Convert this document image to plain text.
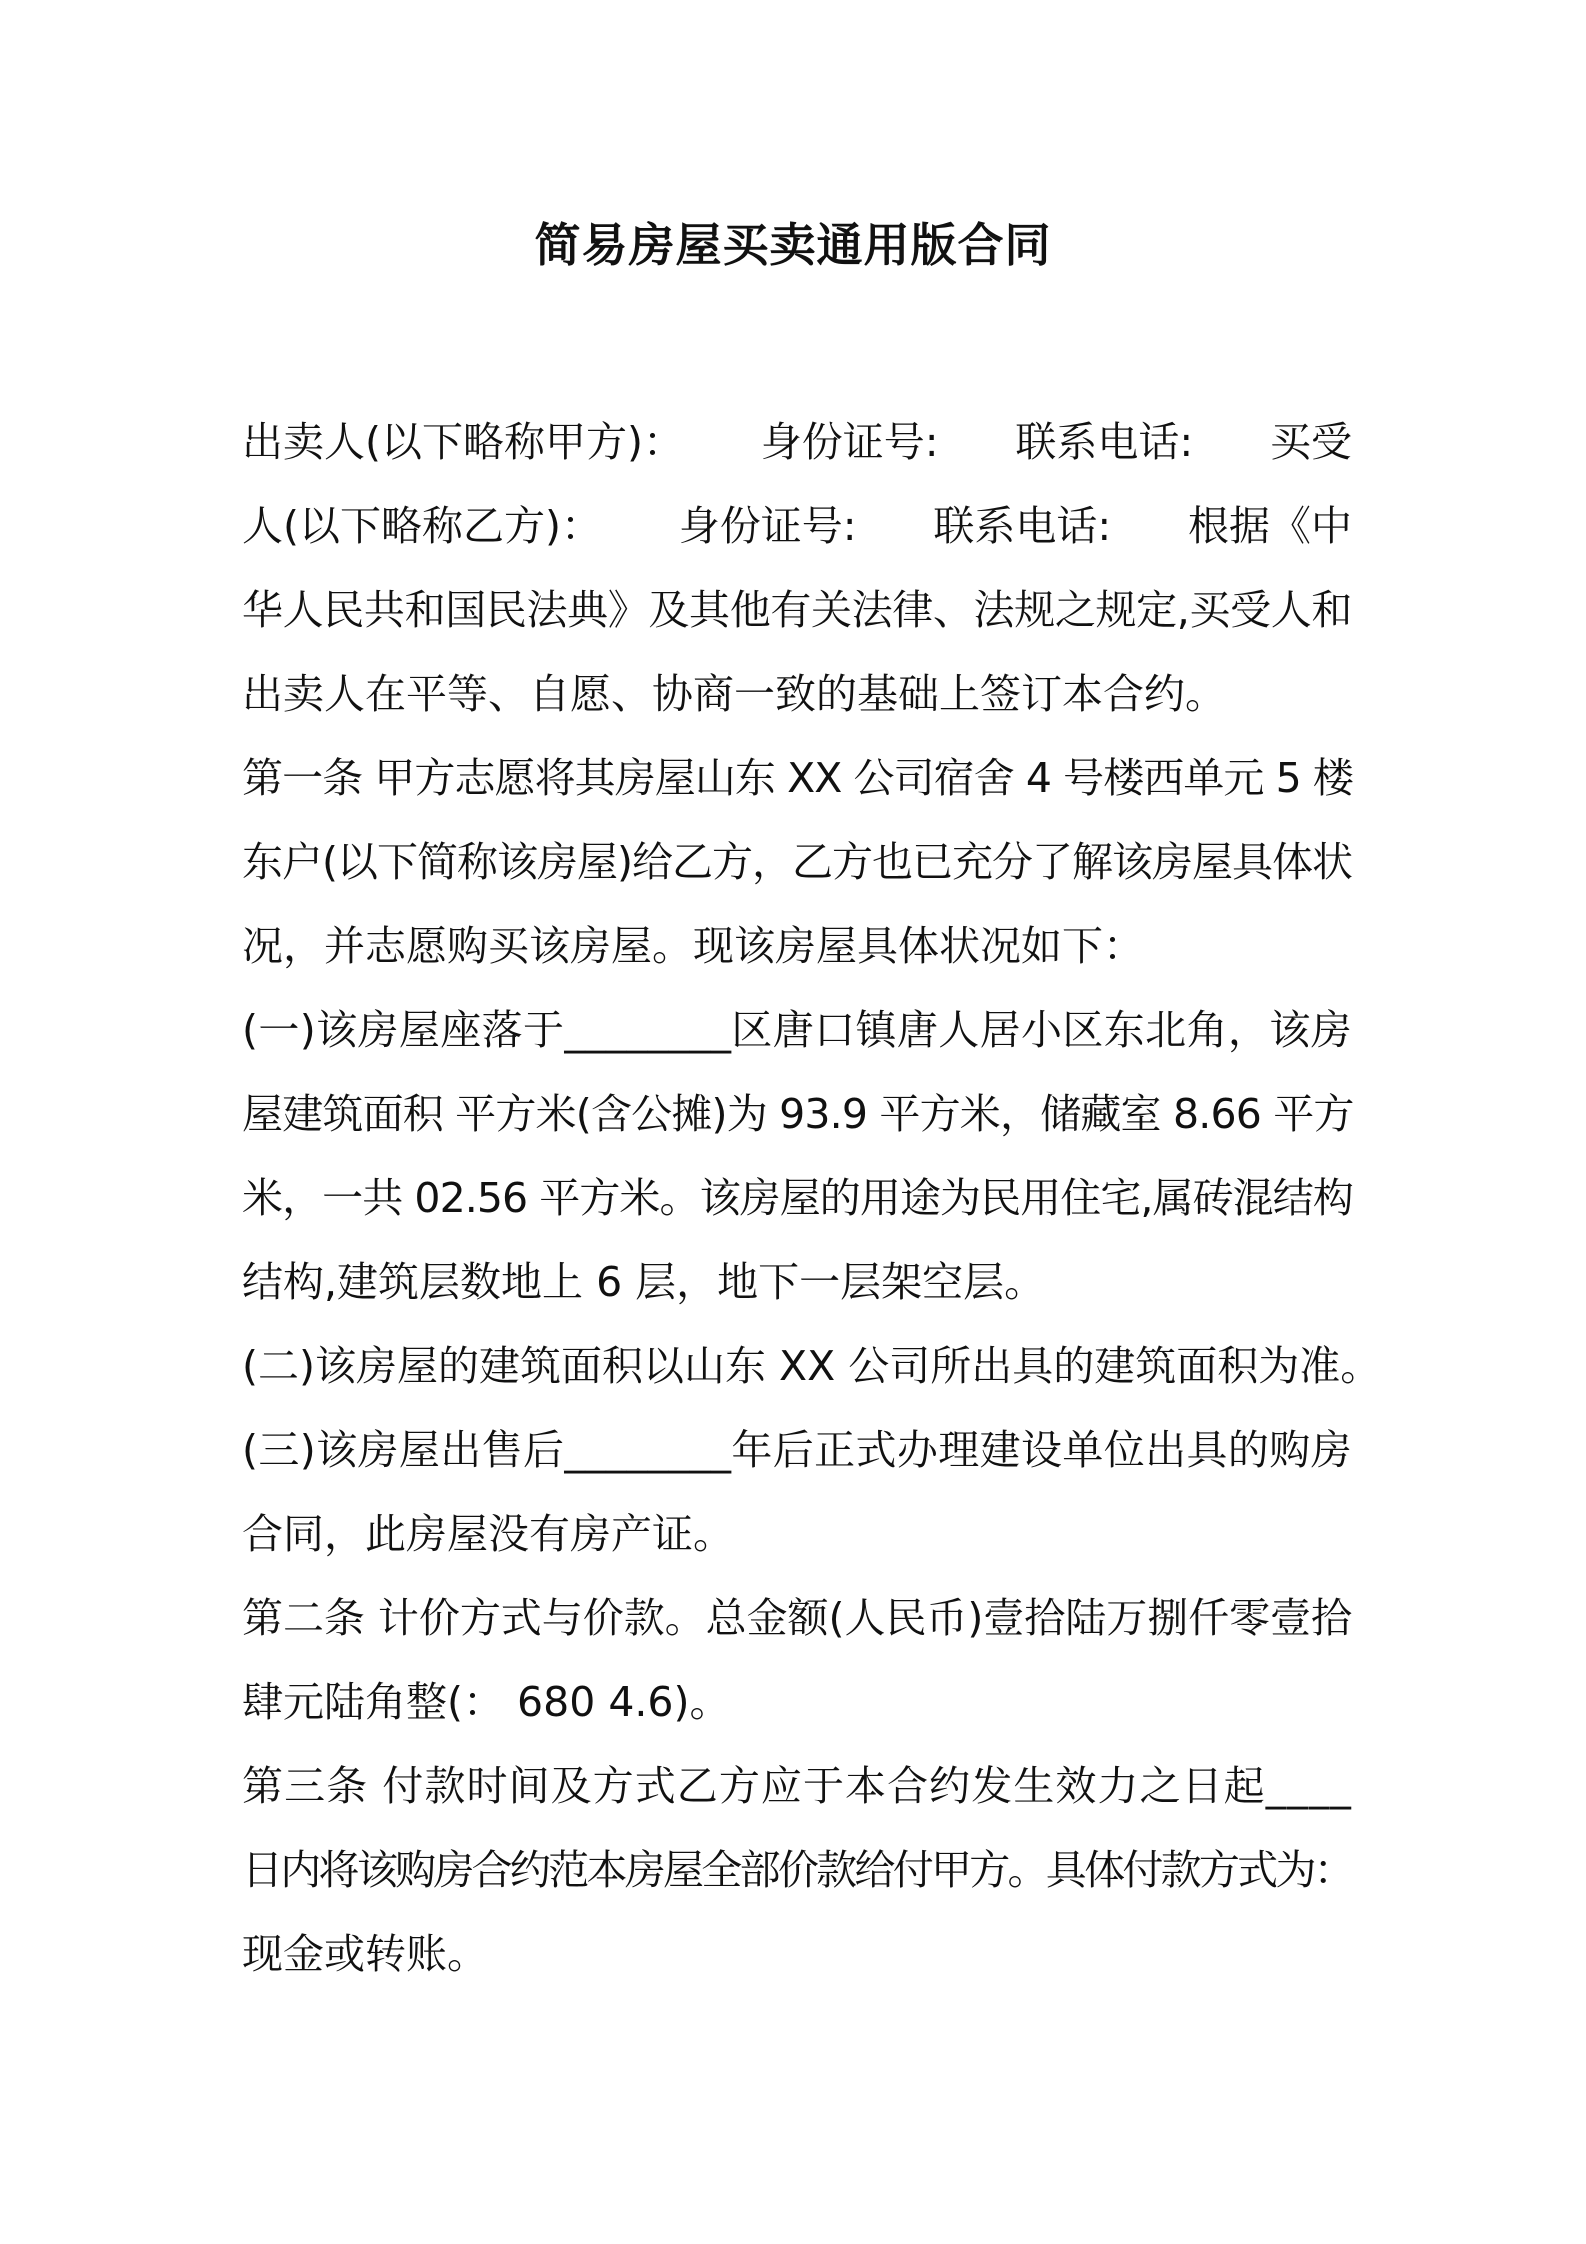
简易房屋买卖通用版合同
出卖人(以下略称甲方)： 身份证号: 联系电话: 买受
人(以下略称乙方)： 身份证号: 联系电话: 根据《中
华人民共和国民法典》及其他有关法律、法规之规定,买受人和
出卖人在平等、自愿、协商一致的基础上签订本合约。
第一条 甲方志愿将其房屋山东 XX 公司宿舍 4 号楼西单元 5 楼
东户(以下简称该房屋)给乙方，乙方也已充分了解该房屋具体状
况，并志愿购买该房屋。现该房屋具体状况如下：
(一)该房屋座落于________区唐口镇唐人居小区东北角，该房
屋建筑面积 平方米(含公摊)为 93.9 平方米，储藏室 8.66 平方
米，一共 02.56 平方米。该房屋的用途为民用住宅,属砖混结构
结构,建筑层数地上 6 层，地下一层架空层。
(二)该房屋的建筑面积以山东 XX 公司所出具的建筑面积为准。
(三)该房屋出售后________年后正式办理建设单位出具的购房
合同，此房屋没有房产证。
第二条 计价方式与价款。总金额(人民币)壹拾陆万捌仟零壹拾
肆元陆角整(： 680 4.6)。
第三条 付款时间及方式乙方应于本合约发生效力之日起____
日内将该购房合约范本房屋全部价款给付甲方。具体付款方式为：
现金或转账。
